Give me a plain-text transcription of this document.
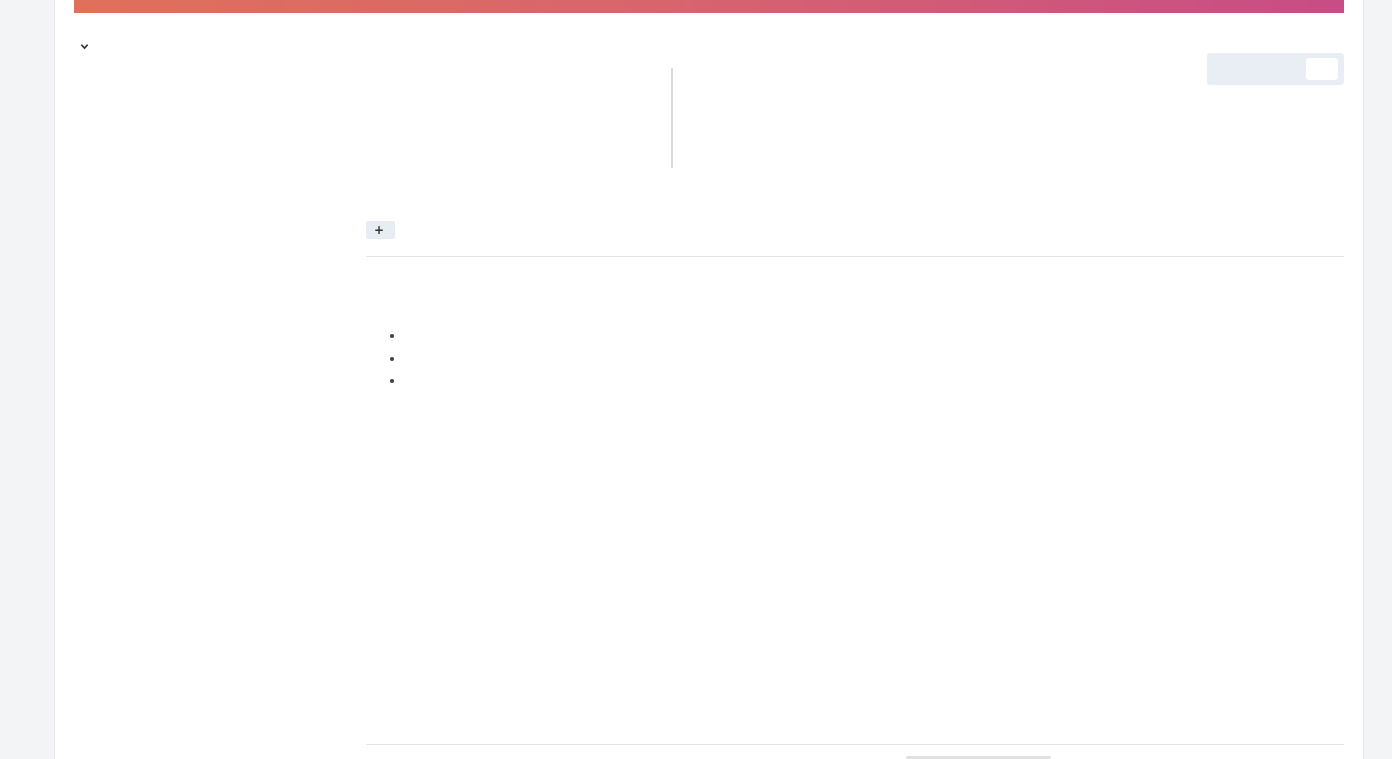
+

•
•
•
